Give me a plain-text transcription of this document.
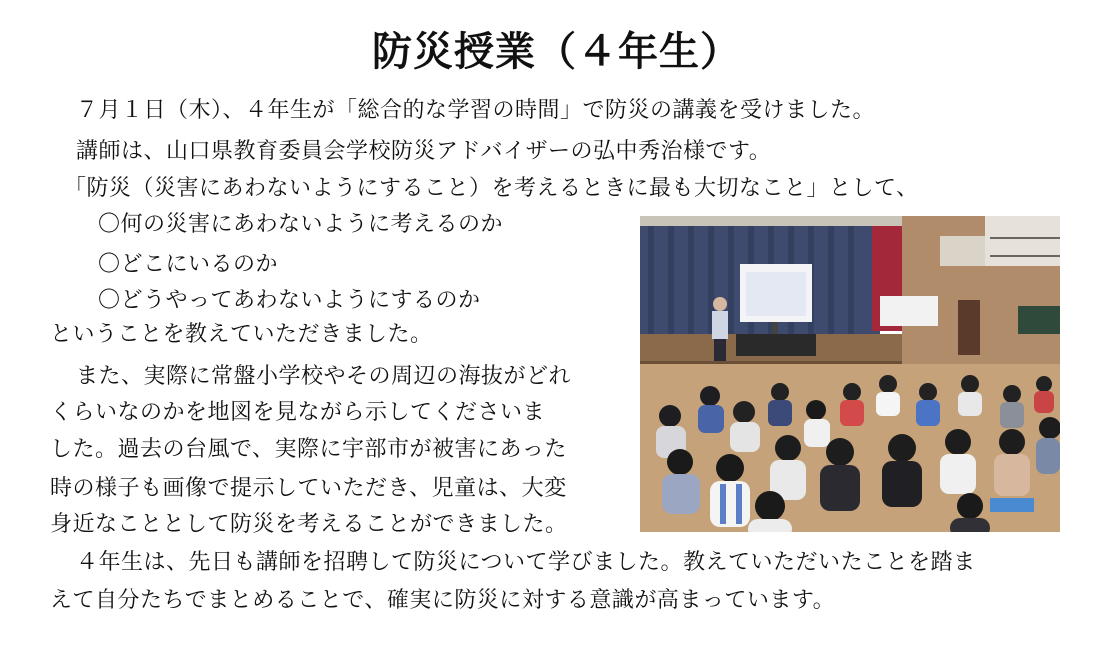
防災授業（４年生）
７月１日（木）、４年生が「総合的な学習の時間」で防災の講義を受けました。
講師は、山口県教育委員会学校防災アドバイザーの弘中秀治様です。
「防災（災害にあわないようにすること）を考えるときに最も大切なこと」として、
〇何の災害にあわないように考えるのか
〇どこにいるのか
〇どうやってあわないようにするのか
ということを教えていただきました。
また、実際に常盤小学校やその周辺の海抜がどれ
くらいなのかを地図を見ながら示してくださいま
した。過去の台風で、実際に宇部市が被害にあった
時の様子も画像で提示していただき、児童は、大変
身近なこととして防災を考えることができました。
４年生は、先日も講師を招聘して防災について学びました。教えていただいたことを踏ま
えて自分たちでまとめることで、確実に防災に対する意識が高まっています。
